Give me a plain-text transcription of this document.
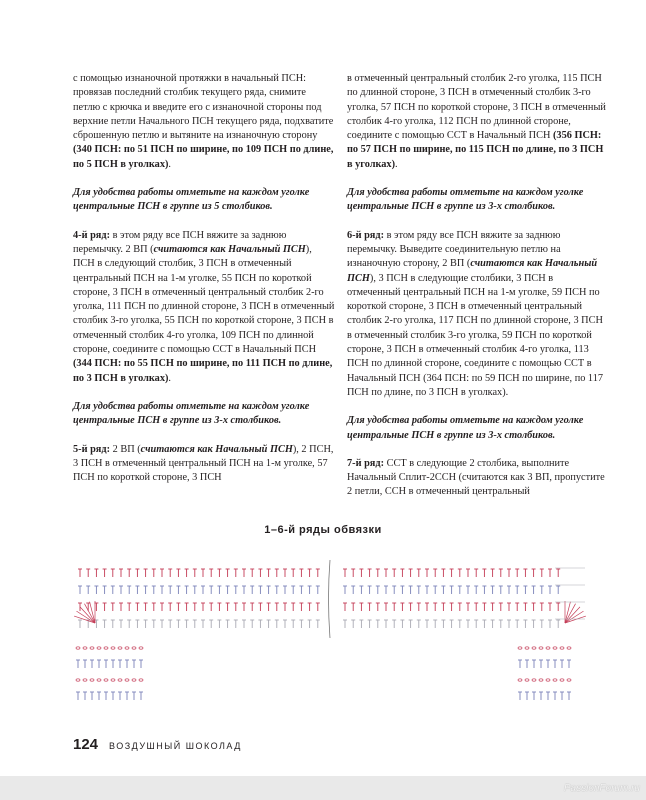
с помощью изнаночной протяжки в начальный ПСН: провязав последний столбик текущего ряда, снимите петлю с крючка и введите его с изнаночной стороны под верхние петли Начального ПСН текущего ряда, подхватите сброшенную петлю и вытяните на изнаночную сторону (340 ПСН: по 51 ПСН по ширине, по 109 ПСН по длине, по 5 ПСН в уголках).

Для удобства работы отметьте на каждом уголке центральные ПСН в группе из 5 столбиков.

4-й ряд: в этом ряду все ПСН вяжите за заднюю перемычку. 2 ВП (считаются как Начальный ПСН), ПСН в следующий столбик, 3 ПСН в отмеченный центральный ПСН на 1-м уголке, 55 ПСН по короткой стороне, 3 ПСН в отмеченный центральный столбик 2-го уголка, 111 ПСН по длинной стороне, 3 ПСН в отмеченный столбик 3-го уголка, 55 ПСН по короткой стороне, 3 ПСН в отмеченный столбик 4-го уголка, 109 ПСН по длинной стороне, соедините с помощью ССТ в Начальный ПСН (344 ПСН: по 55 ПСН по ширине, по 111 ПСН по длине, по 3 ПСН в уголках).

Для удобства работы отметьте на каждом уголке центральные ПСН в группе из 3-х столбиков.

5-й ряд: 2 ВП (считаются как Начальный ПСН), 2 ПСН, 3 ПСН в отмеченный центральный ПСН на 1-м уголке, 57 ПСН по короткой стороне, 3 ПСН

в отмеченный центральный столбик 2-го уголка, 115 ПСН по длинной стороне, 3 ПСН в отмеченный столбик 3-го уголка, 57 ПСН по короткой стороне, 3 ПСН в отмеченный столбик 4-го уголка, 112 ПСН по длинной стороне, соедините с помощью ССТ в Начальный ПСН (356 ПСН: по 57 ПСН по ширине, по 115 ПСН по длине, по 3 ПСН в уголках).

Для удобства работы отметьте на каждом уголке центральные ПСН в группе из 3-х столбиков.

6-й ряд: в этом ряду все ПСН вяжите за заднюю перемычку. Выведите соединительную петлю на изнаночную сторону, 2 ВП (считаются как Начальный ПСН), 3 ПСН в следующие столбики, 3 ПСН в отмеченный центральный ПСН на 1-м уголке, 59 ПСН по короткой стороне, 3 ПСН в отмеченный центральный столбик 2-го уголка, 117 ПСН по длинной стороне, 3 ПСН в отмеченный столбик 3-го уголка, 59 ПСН по короткой стороне, 3 ПСН в отмеченный столбик 4-го уголка, 113 ПСН по длинной стороне, соедините с помощью ССТ в Начальный ПСН (364 ПСН: по 59 ПСН по ширине, по 117 ПСН по длине, по 3 ПСН в уголках).

Для удобства работы отметьте на каждом уголке центральные ПСН в группе из 3-х столбиков.

7-й ряд: ССТ в следующие 2 столбика, выполните Начальный Сплит-2ССН (считаются как 3 ВП, пропустите 2 петли, ССН в отмеченный центральный

1–6-й ряды обвязки
124 ВОЗДУШНЫЙ ШОКОЛАД
PassionForum.ru
